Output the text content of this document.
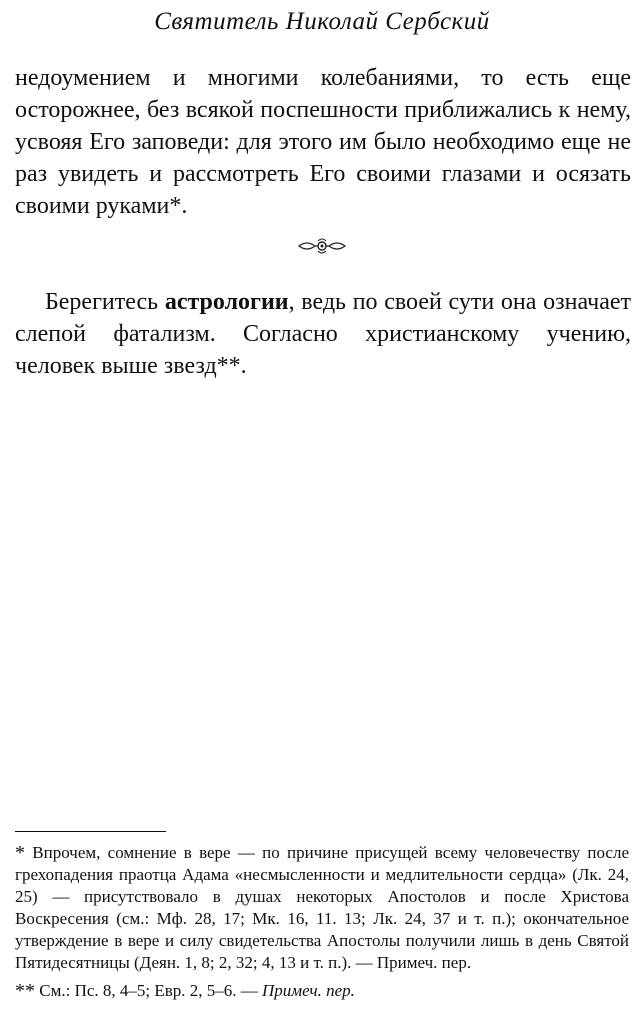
Святитель Николай Сербский

недоумением и многими колебаниями, то есть еще осторожнее, без всякой поспешности приближались к нему, усвояя Его заповеди: для этого им было необходимо еще не раз увидеть и рассмотреть Его своими глазами и осязать своими руками*.

Берегитесь астрологии, ведь по своей сути она означает слепой фатализм. Согласно христианскому учению, человек выше звезд**.

* Впрочем, сомнение в вере — по причине присущей всему человечеству после грехопадения праотца Адама «несмысленности и медлительности сердца» (Лк. 24, 25) — присутствовало в душах некоторых Апостолов и после Христова Воскресения (см.: Мф. 28, 17; Мк. 16, 11. 13; Лк. 24, 37 и т. п.); окончательное утверждение в вере и силу свидетельства Апостолы получили лишь в день Святой Пятидесятницы (Деян. 1, 8; 2, 32; 4, 13 и т. п.). — Примеч. пер.

** См.: Пс. 8, 4–5; Евр. 2, 5–6. — Примеч. пер.
